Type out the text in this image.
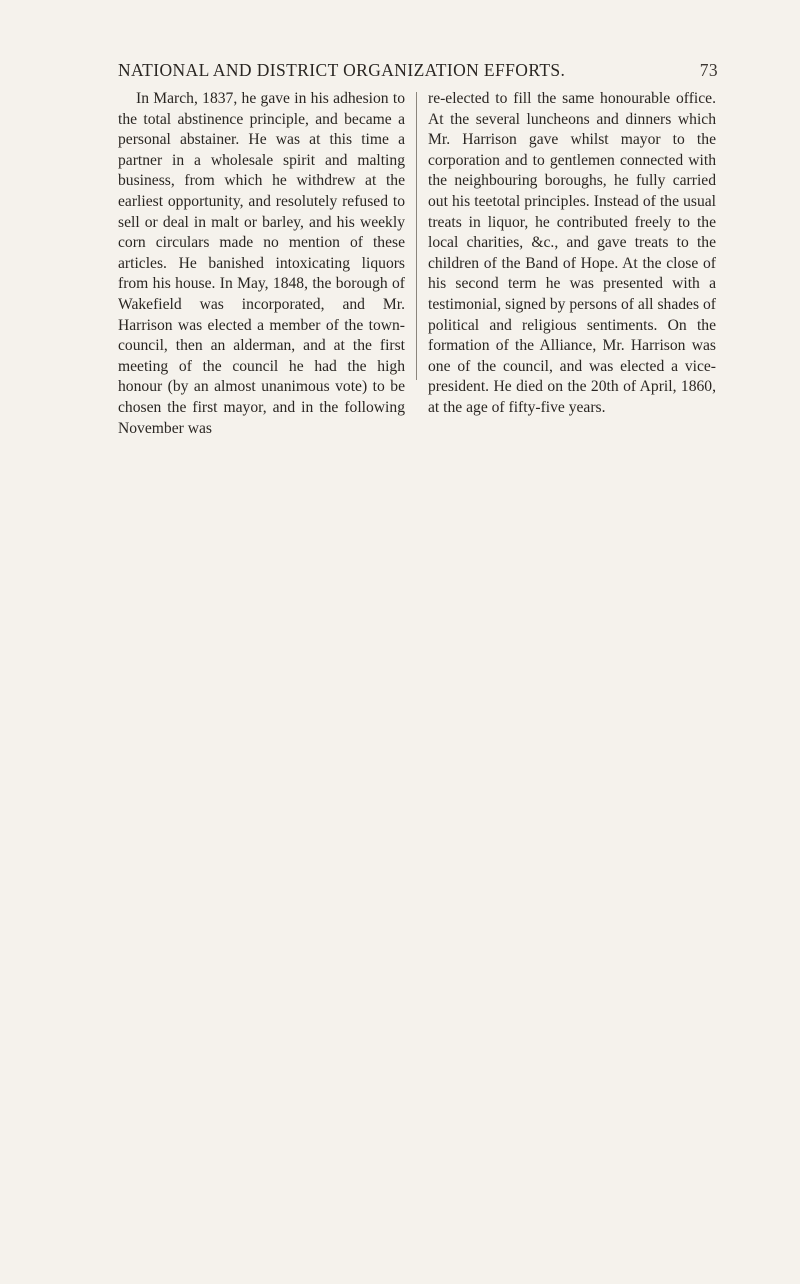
NATIONAL AND DISTRICT ORGANIZATION EFFORTS.	73

In March, 1837, he gave in his adhesion to the total abstinence principle, and became a personal abstainer. He was at this time a partner in a wholesale spirit and malting business, from which he withdrew at the earliest opportunity, and resolutely refused to sell or deal in malt or barley, and his weekly corn circulars made no mention of these articles. He banished intoxicating liquors from his house. In May, 1848, the borough of Wakefield was incorporated, and Mr. Harrison was elected a member of the town-council, then an alderman, and at the first meeting of the council he had the high honour (by an almost unanimous vote) to be chosen the first mayor, and in the following November was

re-elected to fill the same honourable office. At the several luncheons and dinners which Mr. Harrison gave whilst mayor to the corporation and to gentlemen connected with the neighbouring boroughs, he fully carried out his teetotal principles. Instead of the usual treats in liquor, he contributed freely to the local charities, &c., and gave treats to the children of the Band of Hope. At the close of his second term he was presented with a testimonial, signed by persons of all shades of political and religious sentiments. On the formation of the Alliance, Mr. Harrison was one of the council, and was elected a vice-president. He died on the 20th of April, 1860, at the age of fifty-five years.
